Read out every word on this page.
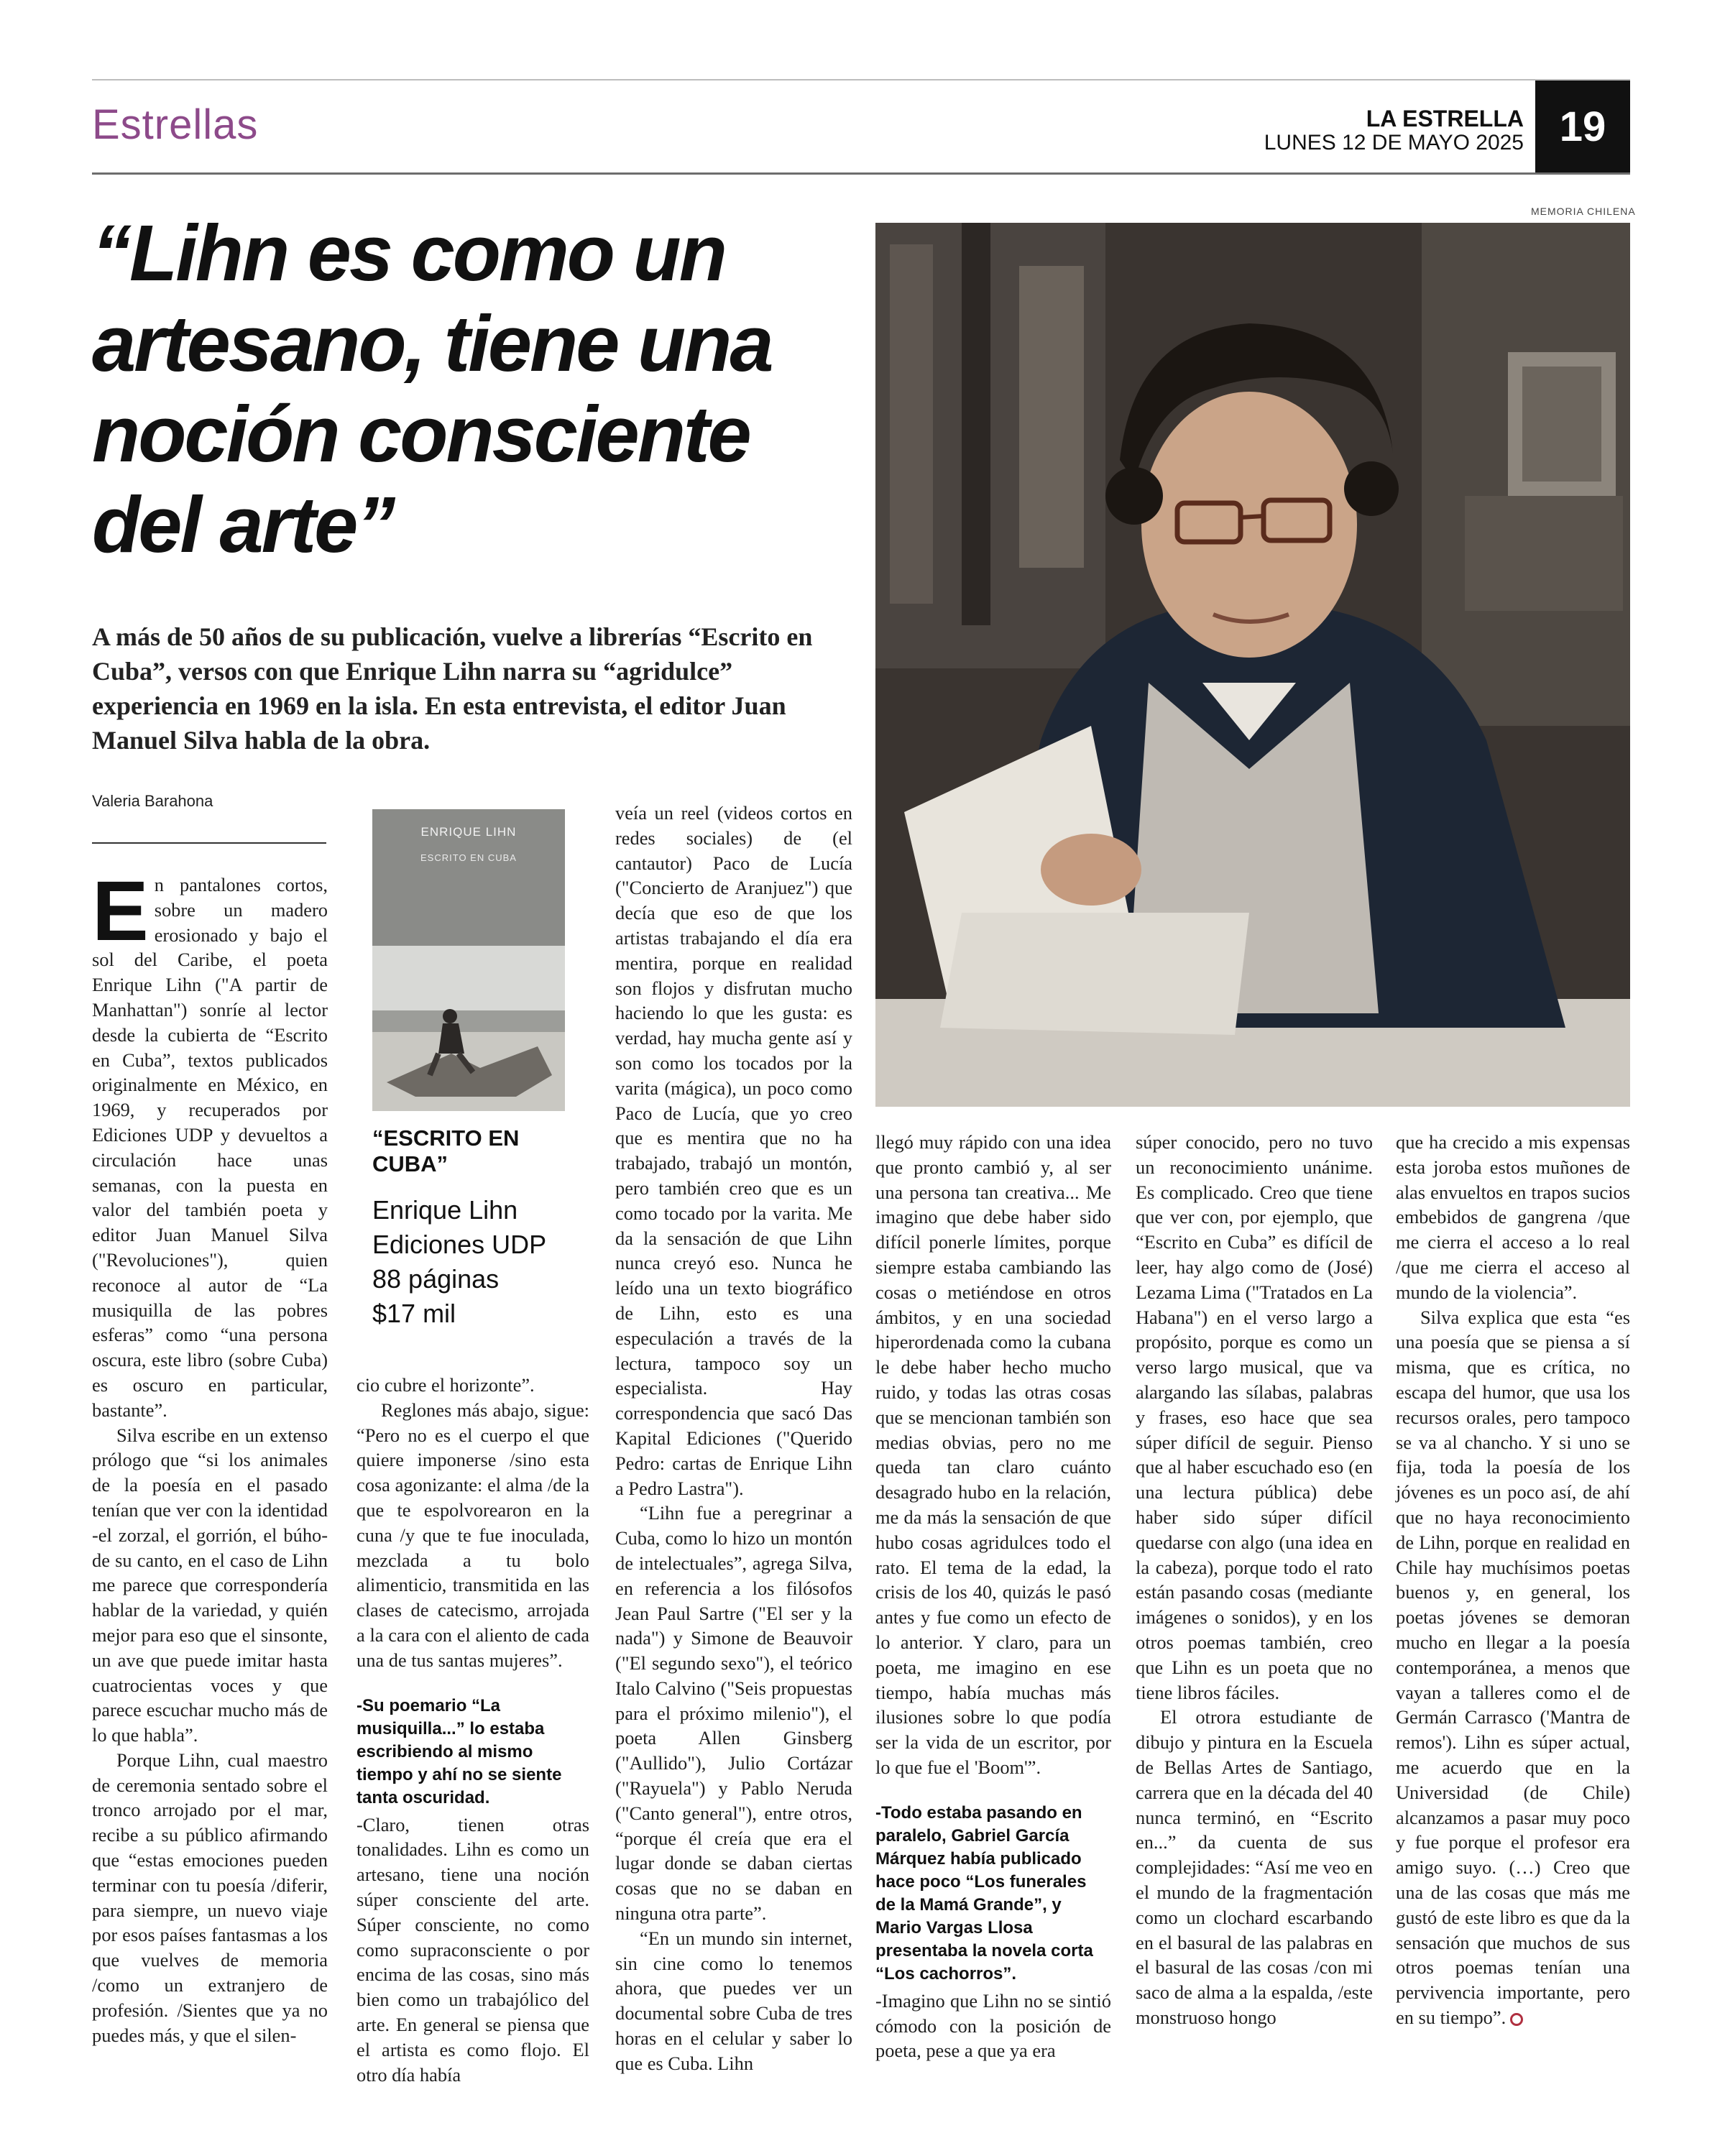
Estrellas	LA ESTRELLA
LUNES 12 DE MAYO 2025 19
“Lihn es como un artesano, tiene una noción consciente del arte”
A más de 50 años de su publicación, vuelve a librerías “Escrito en Cuba”, versos con que Enrique Lihn narra su “agridulce” experiencia en 1969 en la isla. En esta entrevista, el editor Juan Manuel Silva habla de la obra.
Valeria Barahona
MEMORIA CHILENA
ENRIQUE LIHN
ESCRITO EN CUBA
“ESCRITO EN CUBA”
Enrique Lihn
Ediciones UDP
88 páginas
$17 mil

En pantalones cortos, sobre un madero erosionado y bajo el sol del Caribe, el poeta Enrique Lihn ("A partir de Manhattan") sonríe al lector desde la cubierta de “Escrito en Cuba”, textos publicados originalmente en México, en 1969, y recuperados por Ediciones UDP y devueltos a circulación hace unas semanas, con la puesta en valor del también poeta y editor Juan Manuel Silva ("Revoluciones"), quien reconoce al autor de “La musiquilla de las pobres esferas” como “una persona oscura, este libro (sobre Cuba) es oscuro en particular, bastante”.

Silva escribe en un extenso prólogo que “si los animales de la poesía en el pasado tenían que ver con la identidad -el zorzal, el gorrión, el búho- de su canto, en el caso de Lihn me parece que correspondería hablar de la variedad, y quién mejor para eso que el sinsonte, un ave que puede imitar hasta cuatrocientas voces y que parece escuchar mucho más de lo que habla”.

Porque Lihn, cual maestro de ceremonia sentado sobre el tronco arrojado por el mar, recibe a su público afirmando que “estas emociones pueden terminar con tu poesía /diferir, para siempre, un nuevo viaje por esos países fantasmas a los que vuelves de memoria /como un extranjero de profesión. /Sientes que ya no puedes más, y que el silen-

cio cubre el horizonte”.

Reglones más abajo, sigue: “Pero no es el cuerpo el que quiere imponerse /sino esta cosa agonizante: el alma /de la que te espolvorearon en la cuna /y que te fue inoculada, mezclada a tu bolo alimenticio, transmitida en las clases de catecismo, arrojada a la cara con el aliento de cada una de tus santas mujeres”.

-Su poemario “La musiquilla...” lo estaba escribiendo al mismo tiempo y ahí no se siente tanta oscuridad.

-Claro, tienen otras tonalidades. Lihn es como un artesano, tiene una noción súper consciente del arte. Súper consciente, no como como supraconsciente o por encima de las cosas, sino más bien como un trabajólico del arte. En general se piensa que el artista es como flojo. El otro día había

veía un reel (videos cortos en redes sociales) de (el cantautor) Paco de Lucía ("Concierto de Aranjuez") que decía que eso de que los artistas trabajando el día era mentira, porque en realidad son flojos y disfrutan mucho haciendo lo que les gusta: es verdad, hay mucha gente así y son como los tocados por la varita (mágica), un poco como Paco de Lucía, que yo creo que es mentira que no ha trabajado, trabajó un montón, pero también creo que es un como tocado por la varita. Me da la sensación de que Lihn nunca creyó eso. Nunca he leído una un texto biográfico de Lihn, esto es una especulación a través de la lectura, tampoco soy un especialista. Hay correspondencia que sacó Das Kapital Ediciones ("Querido Pedro: cartas de Enrique Lihn a Pedro Lastra").

“Lihn fue a peregrinar a Cuba, como lo hizo un montón de intelectuales”, agrega Silva, en referencia a los filósofos Jean Paul Sartre ("El ser y la nada") y Simone de Beauvoir ("El segundo sexo"), el teórico Italo Calvino ("Seis propuestas para el próximo milenio"), el poeta Allen Ginsberg ("Aullido"), Julio Cortázar ("Rayuela") y Pablo Neruda ("Canto general"), entre otros, “porque él creía que era el lugar donde se daban ciertas cosas que no se daban en ninguna otra parte”.

“En un mundo sin internet, sin cine como lo tenemos ahora, que puedes ver un documental sobre Cuba de tres horas en el celular y saber lo que es Cuba. Lihn

llegó muy rápido con una idea que pronto cambió y, al ser una persona tan creativa... Me imagino que debe haber sido difícil ponerle límites, porque siempre estaba cambiando las cosas o metiéndose en otros ámbitos, y en una sociedad hiperordenada como la cubana le debe haber hecho mucho ruido, y todas las otras cosas que se mencionan también son medias obvias, pero no me queda tan claro cuánto desagrado hubo en la relación, me da más la sensación de que hubo cosas agridulces todo el rato. El tema de la edad, la crisis de los 40, quizás le pasó antes y fue como un efecto de lo anterior. Y claro, para un poeta, me imagino en ese tiempo, había muchas más ilusiones sobre lo que podía ser la vida de un escritor, por lo que fue el 'Boom'”.

-Todo estaba pasando en paralelo, Gabriel García Márquez había publicado hace poco “Los funerales de la Mamá Grande”, y Mario Vargas Llosa presentaba la novela corta “Los cachorros”.

-Imagino que Lihn no se sintió cómodo con la posición de poeta, pese a que ya era

súper conocido, pero no tuvo un reconocimiento unánime. Es complicado. Creo que tiene que ver con, por ejemplo, que “Escrito en Cuba” es difícil de leer, hay algo como de (José) Lezama Lima ("Tratados en La Habana") en el verso largo a propósito, porque es como un verso largo musical, que va alargando las sílabas, palabras y frases, eso hace que sea súper difícil de seguir. Pienso que al haber escuchado eso (en una lectura pública) debe haber sido súper difícil quedarse con algo (una idea en la cabeza), porque todo el rato están pasando cosas (mediante imágenes o sonidos), y en los otros poemas también, creo que Lihn es un poeta que no tiene libros fáciles.

El otrora estudiante de dibujo y pintura en la Escuela de Bellas Artes de Santiago, carrera que en la década del 40 nunca terminó, en “Escrito en...” da cuenta de sus complejidades: “Así me veo en el mundo de la fragmentación como un clochard escarbando en el basural de las palabras en el basural de las cosas /con mi saco de alma a la espalda, /este monstruoso hongo

que ha crecido a mis expensas esta joroba estos muñones de alas envueltos en trapos sucios embebidos de gangrena /que me cierra el acceso a lo real /que me cierra el acceso al mundo de la violencia”.

Silva explica que esta “es una poesía que se piensa a sí misma, que es crítica, no escapa del humor, que usa los recursos orales, pero tampoco se va al chancho. Y si uno se fija, toda la poesía de los jóvenes es un poco así, de ahí que no haya reconocimiento de Lihn, porque en realidad en Chile hay muchísimos poetas buenos y, en general, los poetas jóvenes se demoran mucho en llegar a la poesía contemporánea, a menos que vayan a talleres como el de Germán Carrasco ('Mantra de remos'). Lihn es súper actual, me acuerdo que en la Universidad (de Chile) alcanzamos a pasar muy poco y fue porque el profesor era amigo suyo. (…) Creo que una de las cosas que más me gustó de este libro es que da la sensación que muchos de sus otros poemas tenían una pervivencia importante, pero en su tiempo”.
